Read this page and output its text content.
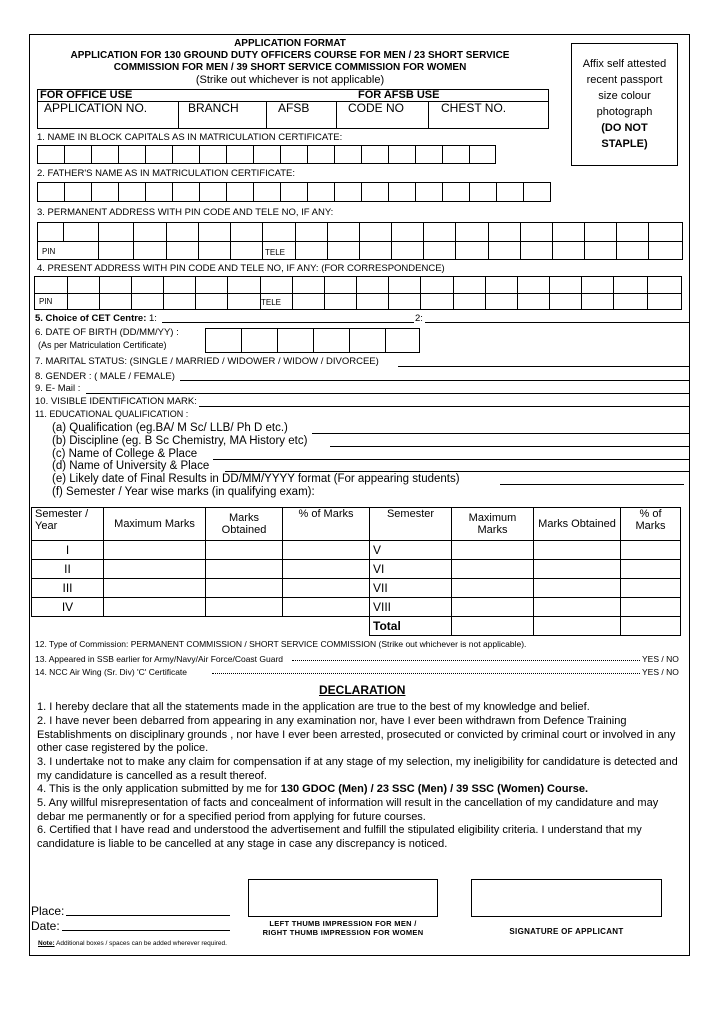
APPLICATION FORMAT
APPLICATION FOR 130 GROUND DUTY OFFICERS COURSE FOR MEN / 23 SHORT SERVICE
COMMISSION FOR MEN / 39 SHORT SERVICE COMMISSION FOR WOMEN
(Strike out whichever is not applicable)
Affix self attested
recent passport
size colour
photograph
(DO NOT
STAPLE)
FOR OFFICE USE	FOR AFSB USE
APPLICATION NO.	BRANCH	AFSB	CODE NO	CHEST NO.
1. NAME IN BLOCK CAPITALS AS IN MATRICULATION CERTIFICATE:
2. FATHER'S NAME AS IN MATRICULATION CERTIFICATE:
3. PERMANENT ADDRESS WITH PIN CODE AND TELE NO, IF ANY:
PIN	TELE
4. PRESENT ADDRESS WITH PIN CODE AND TELE NO, IF ANY: (FOR CORRESPONDENCE)
PIN	TELE
5. Choice of CET Centre: 1:	2:
6. DATE OF BIRTH (DD/MM/YY) :
(As per Matriculation Certificate)
7. MARITAL STATUS: (SINGLE / MARRIED / WIDOWER / WIDOW / DIVORCEE)
8. GENDER : ( MALE / FEMALE)
9. E- Mail :
10. VISIBLE IDENTIFICATION MARK:
11. EDUCATIONAL QUALIFICATION :
(a) Qualification (eg.BA/ M Sc/ LLB/ Ph D etc.)
(b) Discipline (eg. B Sc Chemistry, MA History etc)
(c) Name of College & Place
(d) Name of University & Place
(e) Likely date of Final Results in DD/MM/YYYY format (For appearing students)
(f) Semester / Year wise marks (in qualifying exam):
Semester / Year	Maximum Marks	Marks Obtained	% of Marks	Semester	Maximum Marks	Marks Obtained	% of Marks
I				V			
II				VI			
III				VII			
IV				VIII			
				Total			
12. Type of Commission: PERMANENT COMMISSION / SHORT SERVICE COMMISSION (Strike out whichever is not applicable).
13. Appeared in SSB earlier for Army/Navy/Air Force/Coast Guard	YES / NO
14. NCC Air Wing (Sr. Div) 'C' Certificate	YES / NO
DECLARATION
1. I hereby declare that all the statements made in the application are true to the best of my knowledge and belief.
2. I have never been debarred from appearing in any examination nor, have I ever been withdrawn from Defence Training Establishments on disciplinary grounds , nor have I ever been arrested, prosecuted or convicted by criminal court or involved in any other case registered by the police.
3. I undertake not to make any claim for compensation if at any stage of my selection, my ineligibility for candidature is detected and my candidature is cancelled as a result thereof.
4. This is the only application submitted by me for 130 GDOC (Men) / 23 SSC (Men) / 39 SSC (Women) Course.
5. Any willful misrepresentation of facts and concealment of information will result in the cancellation of my candidature and may debar me permanently or for a specified period from applying for future courses.
6. Certified that I have read and understood the advertisement and fulfill the stipulated eligibility criteria. I understand that my candidature is liable to be cancelled at any stage in case any discrepancy is noticed.
Place:
Date:	LEFT THUMB IMPRESSION FOR MEN /
RIGHT THUMB IMPRESSION FOR WOMEN	SIGNATURE OF APPLICANT
Note: Additional boxes / spaces can be added wherever required.
